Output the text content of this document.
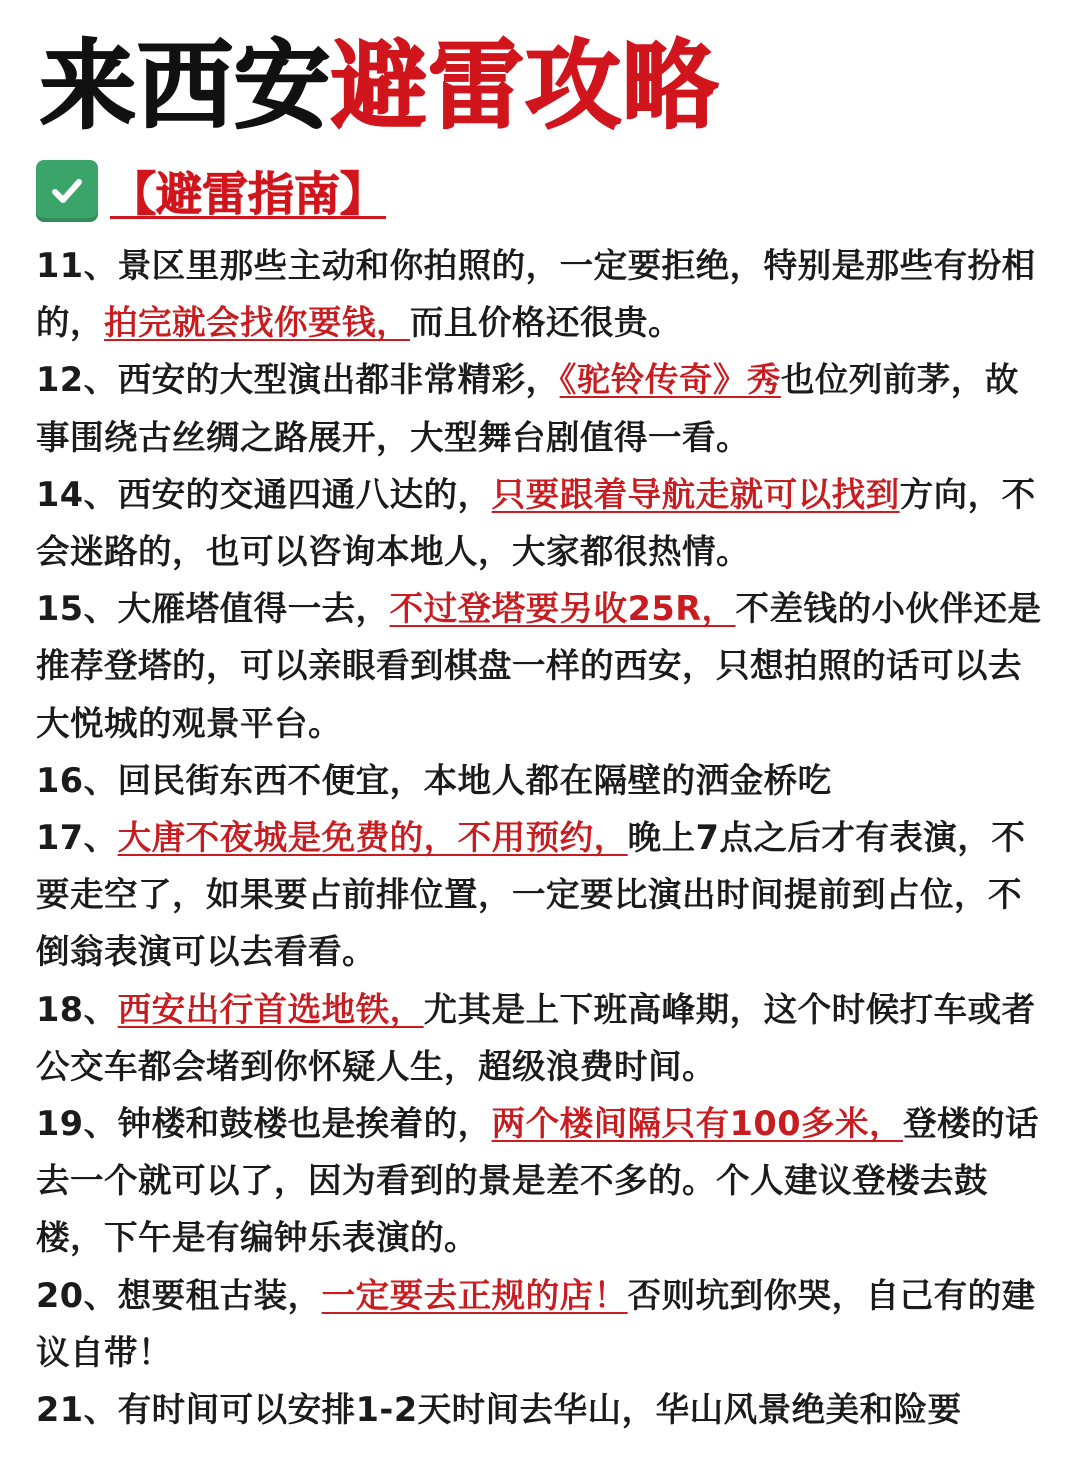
来西安避雷攻略
【避雷指南】
11、景区里那些主动和你拍照的，一定要拒绝，特别是那些有扮相的，拍完就会找你要钱，而且价格还很贵。
12、西安的大型演出都非常精彩，《驼铃传奇》秀也位列前茅，故事围绕古丝绸之路展开，大型舞台剧值得一看。
14、西安的交通四通八达的，只要跟着导航走就可以找到方向，不会迷路的，也可以咨询本地人，大家都很热情。
15、大雁塔值得一去，不过登塔要另收25R，不差钱的小伙伴还是推荐登塔的，可以亲眼看到棋盘一样的西安，只想拍照的话可以去大悦城的观景平台。
16、回民街东西不便宜，本地人都在隔壁的洒金桥吃
17、大唐不夜城是免费的，不用预约，晚上7点之后才有表演，不要走空了，如果要占前排位置，一定要比演出时间提前到占位，不倒翁表演可以去看看。
18、西安出行首选地铁，尤其是上下班高峰期，这个时候打车或者公交车都会堵到你怀疑人生，超级浪费时间。
19、钟楼和鼓楼也是挨着的，两个楼间隔只有100多米，登楼的话去一个就可以了，因为看到的景是差不多的。个人建议登楼去鼓楼，下午是有编钟乐表演的。
20、想要租古装，一定要去正规的店！否则坑到你哭，自己有的建议自带！
21、有时间可以安排1-2天时间去华山，华山风景绝美和险要
